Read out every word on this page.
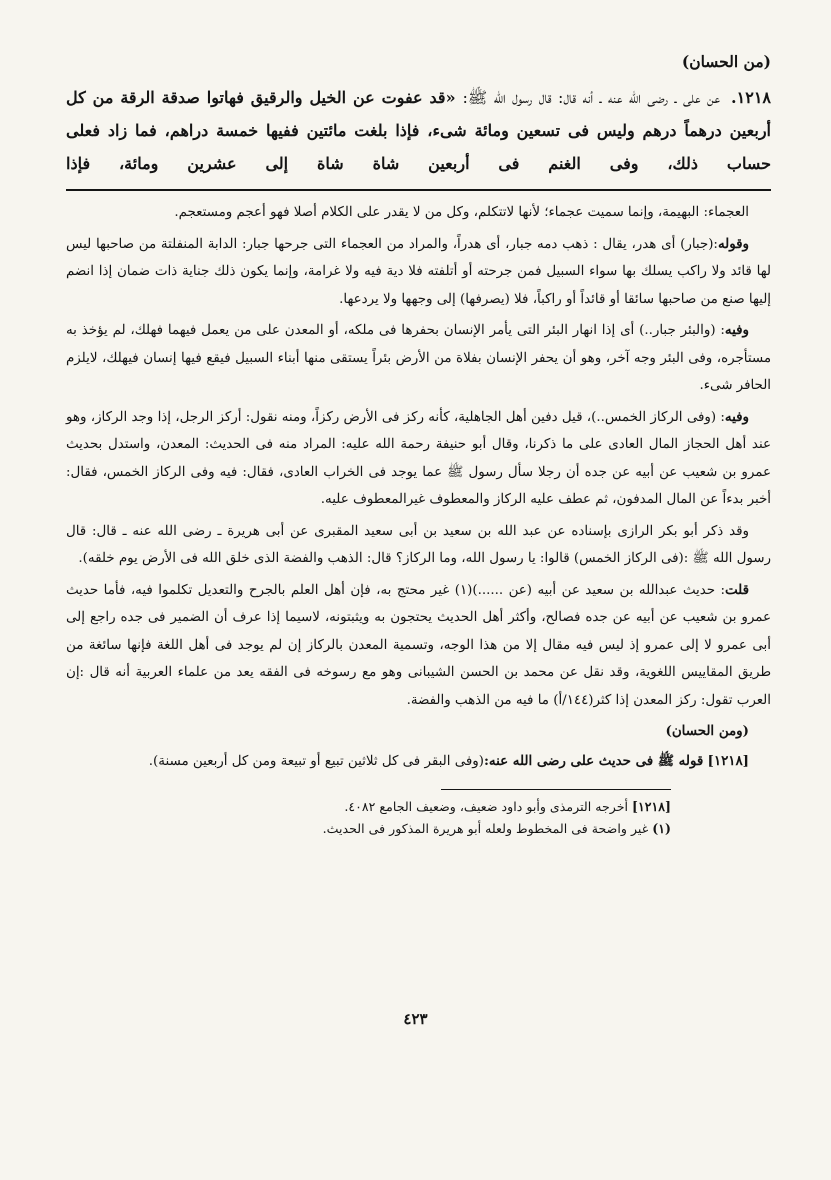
(من الحسان)

١٢١٨. عن على ـ رضى الله عنه ـ أنه قال: قال رسول الله ﷺ: «قد عفوت عن الخيل والرقيق فهاتوا صدقة الرقة من كل أربعين درهماً درهم وليس فى تسعين ومائة شىء، فإذا بلغت مائتين ففيها خمسة دراهم، فما زاد فعلى حساب ذلك، وفى الغنم فى أربعين شاة شاة إلى عشرين ومائة، فإذا

العجماء: البهيمة، وإنما سميت عجماء؛ لأنها لاتتكلم، وكل من لا يقدر على الكلام أصلا فهو أعجم ومستعجم.

وقوله:(جبار) أى هدر، يقال : ذهب دمه جبار، أى هدراً، والمراد من العجماء التى جرحها جبار: الدابة المنفلتة من صاحبها ليس لها قائد ولا راكب يسلك بها سواء السبيل فمن جرحته أو أتلفته فلا دية فيه ولا غرامة، وإنما يكون ذلك جناية ذات ضمان إذا انضم إليها صنع من صاحبها سائقا أو قائداً أو راكباً، فلا (يصرفها) إلى وجهها ولا يردعها.

وفيه: (والبئر جبار..) أى إذا انهار البئر التى يأمر الإنسان بحفرها فى ملكه، أو المعدن على من يعمل فيهما فهلك، لم يؤخذ به مستأجره، وفى البئر وجه آخر، وهو أن يحفر الإنسان بفلاة من الأرض بئراً يستقى منها أبناء السبيل فيقع فيها إنسان فيهلك، لايلزم الحافر شىء.

وفيه: (وفى الركاز الخمس..)، قيل دفين أهل الجاهلية، كأنه ركز فى الأرض ركزاً، ومنه نقول: أركز الرجل، إذا وجد الركاز، وهو عند أهل الحجاز المال العادى على ما ذكرنا، وقال أبو حنيفة رحمة الله عليه: المراد منه فى الحديث: المعدن، واستدل بحديث عمرو بن شعيب عن أبيه عن جده أن رجلا سأل رسول ﷺ عما يوجد فى الخراب العادى، فقال: فيه وفى الركاز الخمس، فقال: أخبر بدءاً عن المال المدفون، ثم عطف عليه الركاز والمعطوف غيرالمعطوف عليه.

وقد ذكر أبو بكر الرازى بإسناده عن عبد الله بن سعيد بن أبى سعيد المقبرى عن أبى هريرة ـ رضى الله عنه ـ قال: قال رسول الله ﷺ :(فى الركاز الخمس) قالوا: يا رسول الله، وما الركاز؟ قال: الذهب والفضة الذى خلق الله فى الأرض يوم خلقه).

قلت: حديث عبدالله بن سعيد عن أبيه (عن ......)(١) غير محتج به، فإن أهل العلم بالجرح والتعديل تكلموا فيه، فأما حديث عمرو بن شعيب عن أبيه عن جده فصالح، وأكثر أهل الحديث يحتجون به ويثبتونه، لاسيما إذا عرف أن الضمير فى جده راجع إلى أبى عمرو لا إلى عمرو إذ ليس فيه مقال إلا من هذا الوجه، وتسمية المعدن بالركاز إن لم يوجد فى أهل اللغة فإنها سائغة من طريق المقاييس اللغوية، وقد نقل عن محمد بن الحسن الشيبانى وهو مع رسوخه فى الفقه يعد من علماء العربية أنه قال :إن العرب تقول: ركز المعدن إذا كثر(١٤٤/أ) ما فيه من الذهب والفضة.

(ومن الحسان)

[١٢١٨] قوله ﷺ فى حديث على رضى الله عنه:(وفى البقر فى كل ثلاثين تبيع أو تبيعة ومن كل أربعين مسنة).

[١٢١٨]أخرجه الترمذى وأبو داود ضعيف، وضعيف الجامع ٤٠٨٢.

(١)غير واضحة فى المخطوط ولعله أبو هريرة المذكور فى الحديث.

٤٢٣
